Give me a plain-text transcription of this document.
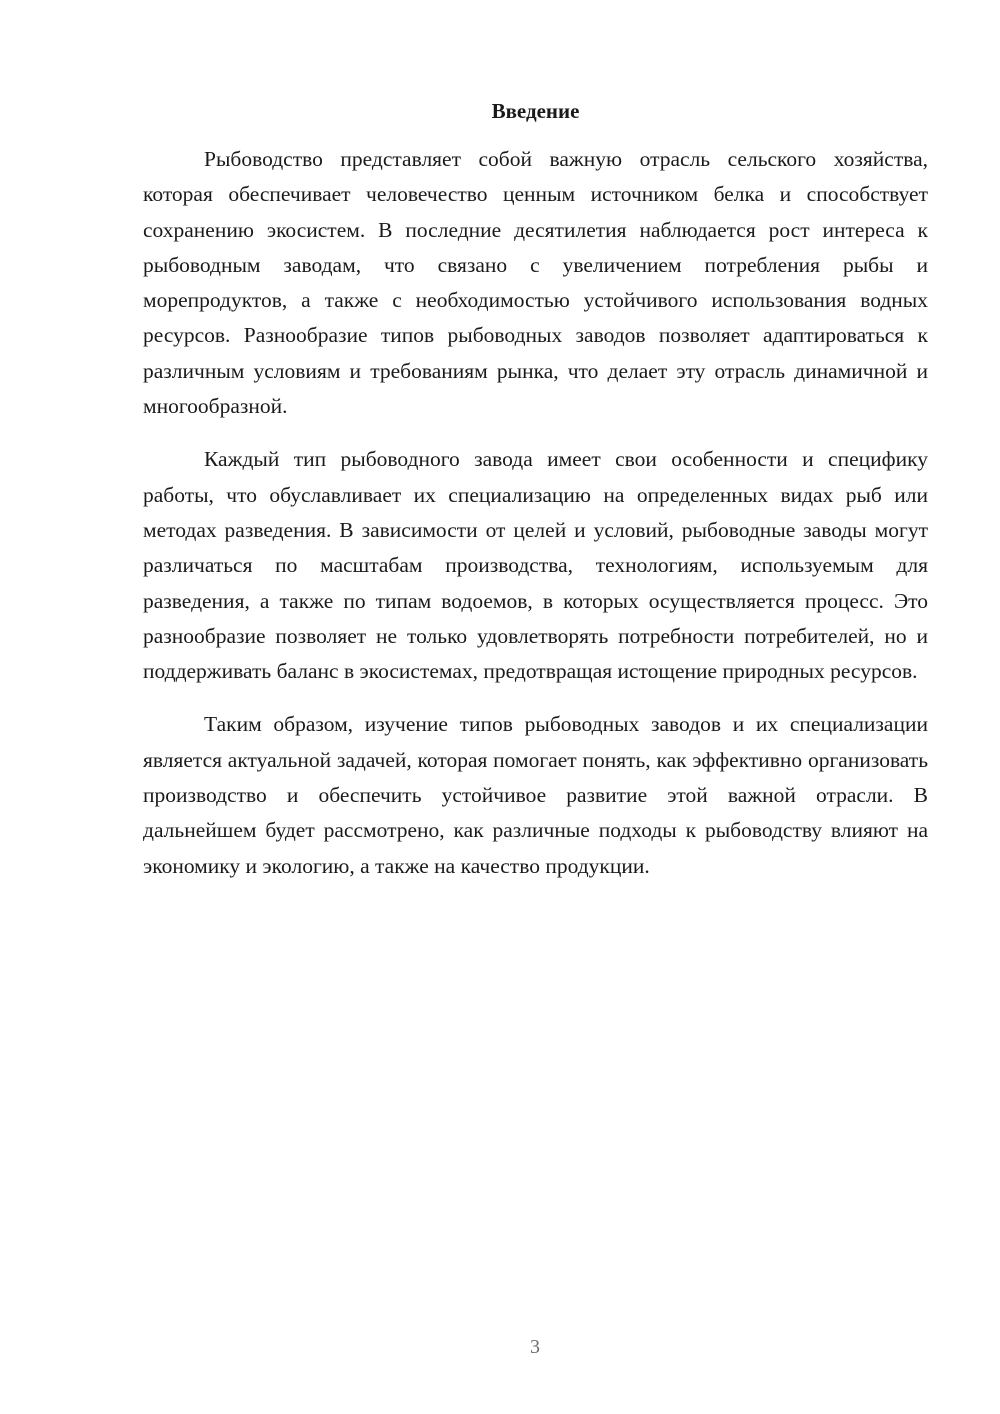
Введение

Рыбоводство представляет собой важную отрасль сельского хозяйства, которая обеспечивает человечество ценным источником белка и способствует сохранению экосистем. В последние десятилетия наблюдается рост интереса к рыбоводным заводам, что связано с увеличением потребления рыбы и морепродуктов, а также с необходимостью устойчивого использования водных ресурсов. Разнообразие типов рыбоводных заводов позволяет адаптироваться к различным условиям и требованиям рынка, что делает эту отрасль динамичной и многообразной.

Каждый тип рыбоводного завода имеет свои особенности и специфику работы, что обуславливает их специализацию на определенных видах рыб или методах разведения. В зависимости от целей и условий, рыбоводные заводы могут различаться по масштабам производства, технологиям, используемым для разведения, а также по типам водоемов, в которых осуществляется процесс. Это разнообразие позволяет не только удовлетворять потребности потребителей, но и поддерживать баланс в экосистемах, предотвращая истощение природных ресурсов.

Таким образом, изучение типов рыбоводных заводов и их специализации является актуальной задачей, которая помогает понять, как эффективно организовать производство и обеспечить устойчивое развитие этой важной отрасли. В дальнейшем будет рассмотрено, как различные подходы к рыбоводству влияют на экономику и экологию, а также на качество продукции.

3
